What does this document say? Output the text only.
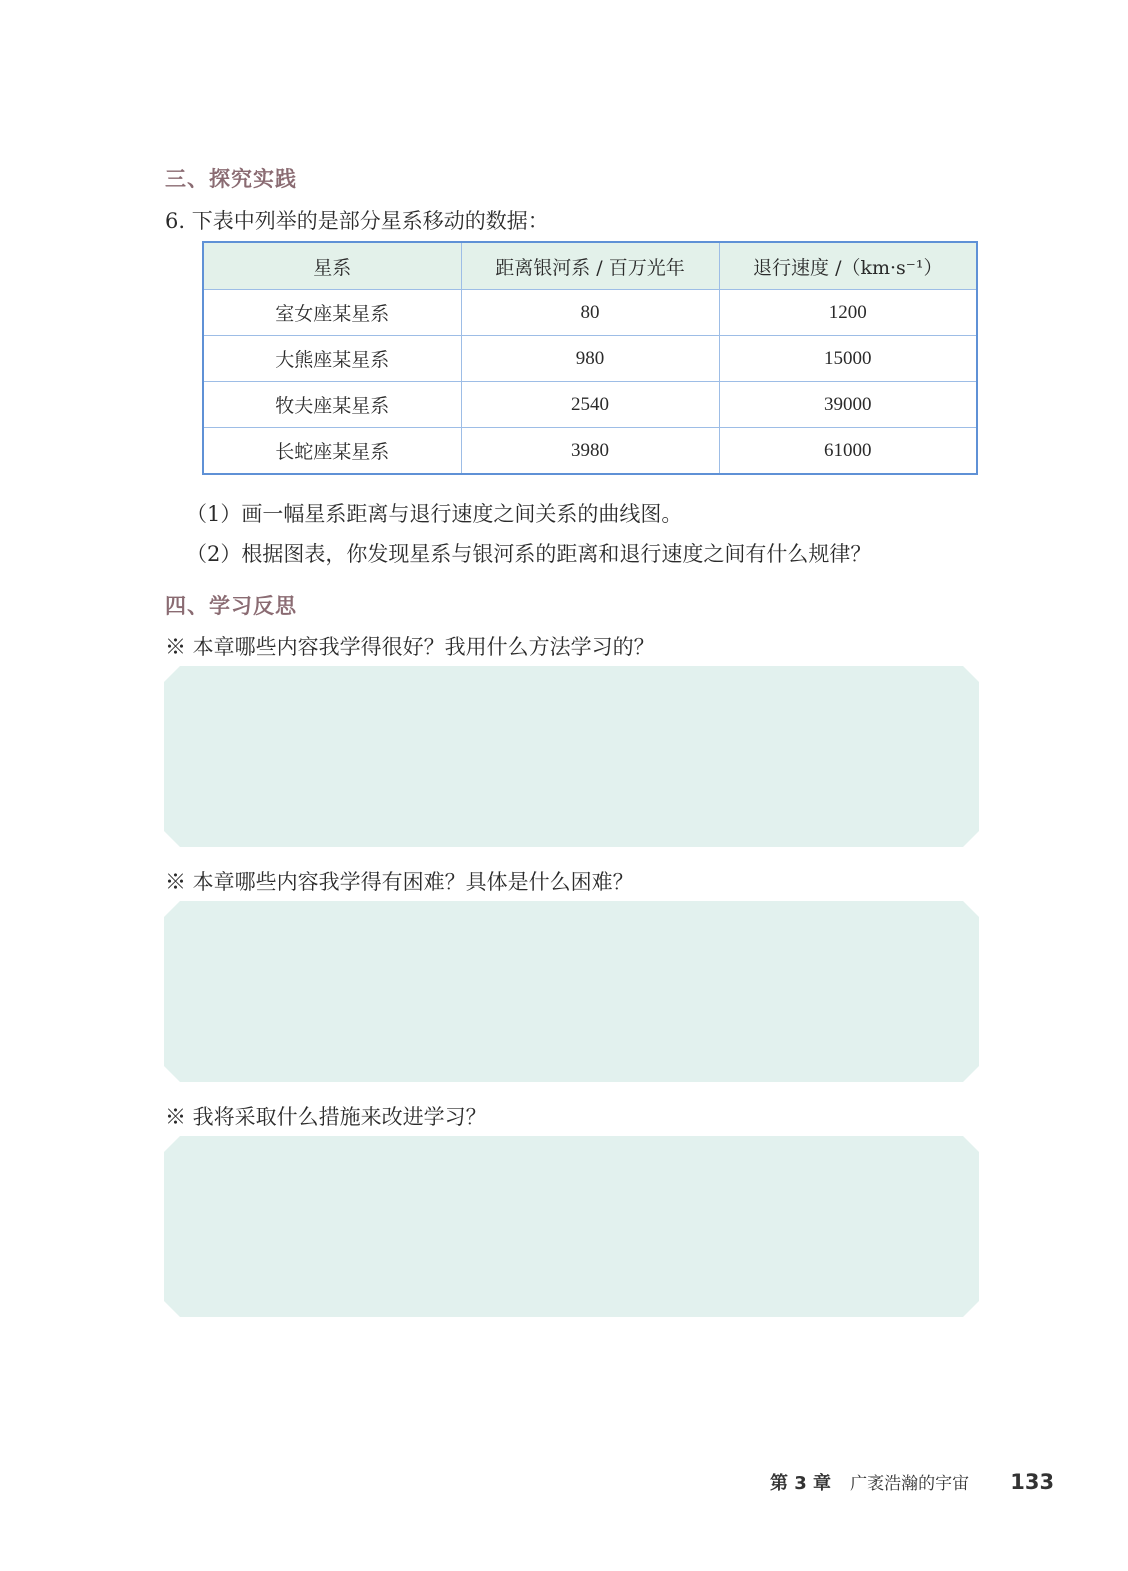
三、探究实践
6. 下表中列举的是部分星系移动的数据：
星系	距离银河系 / 百万光年	退行速度 /（km·s⁻¹）
室女座某星系	80	1200
大熊座某星系	980	15000
牧夫座某星系	2540	39000
长蛇座某星系	3980	61000
（1）画一幅星系距离与退行速度之间关系的曲线图。
（2）根据图表，你发现星系与银河系的距离和退行速度之间有什么规律？
四、学习反思
※ 本章哪些内容我学得很好？我用什么方法学习的？
※ 本章哪些内容我学得有困难？具体是什么困难？
※ 我将采取什么措施来改进学习？
第 3 章 广袤浩瀚的宇宙 133
